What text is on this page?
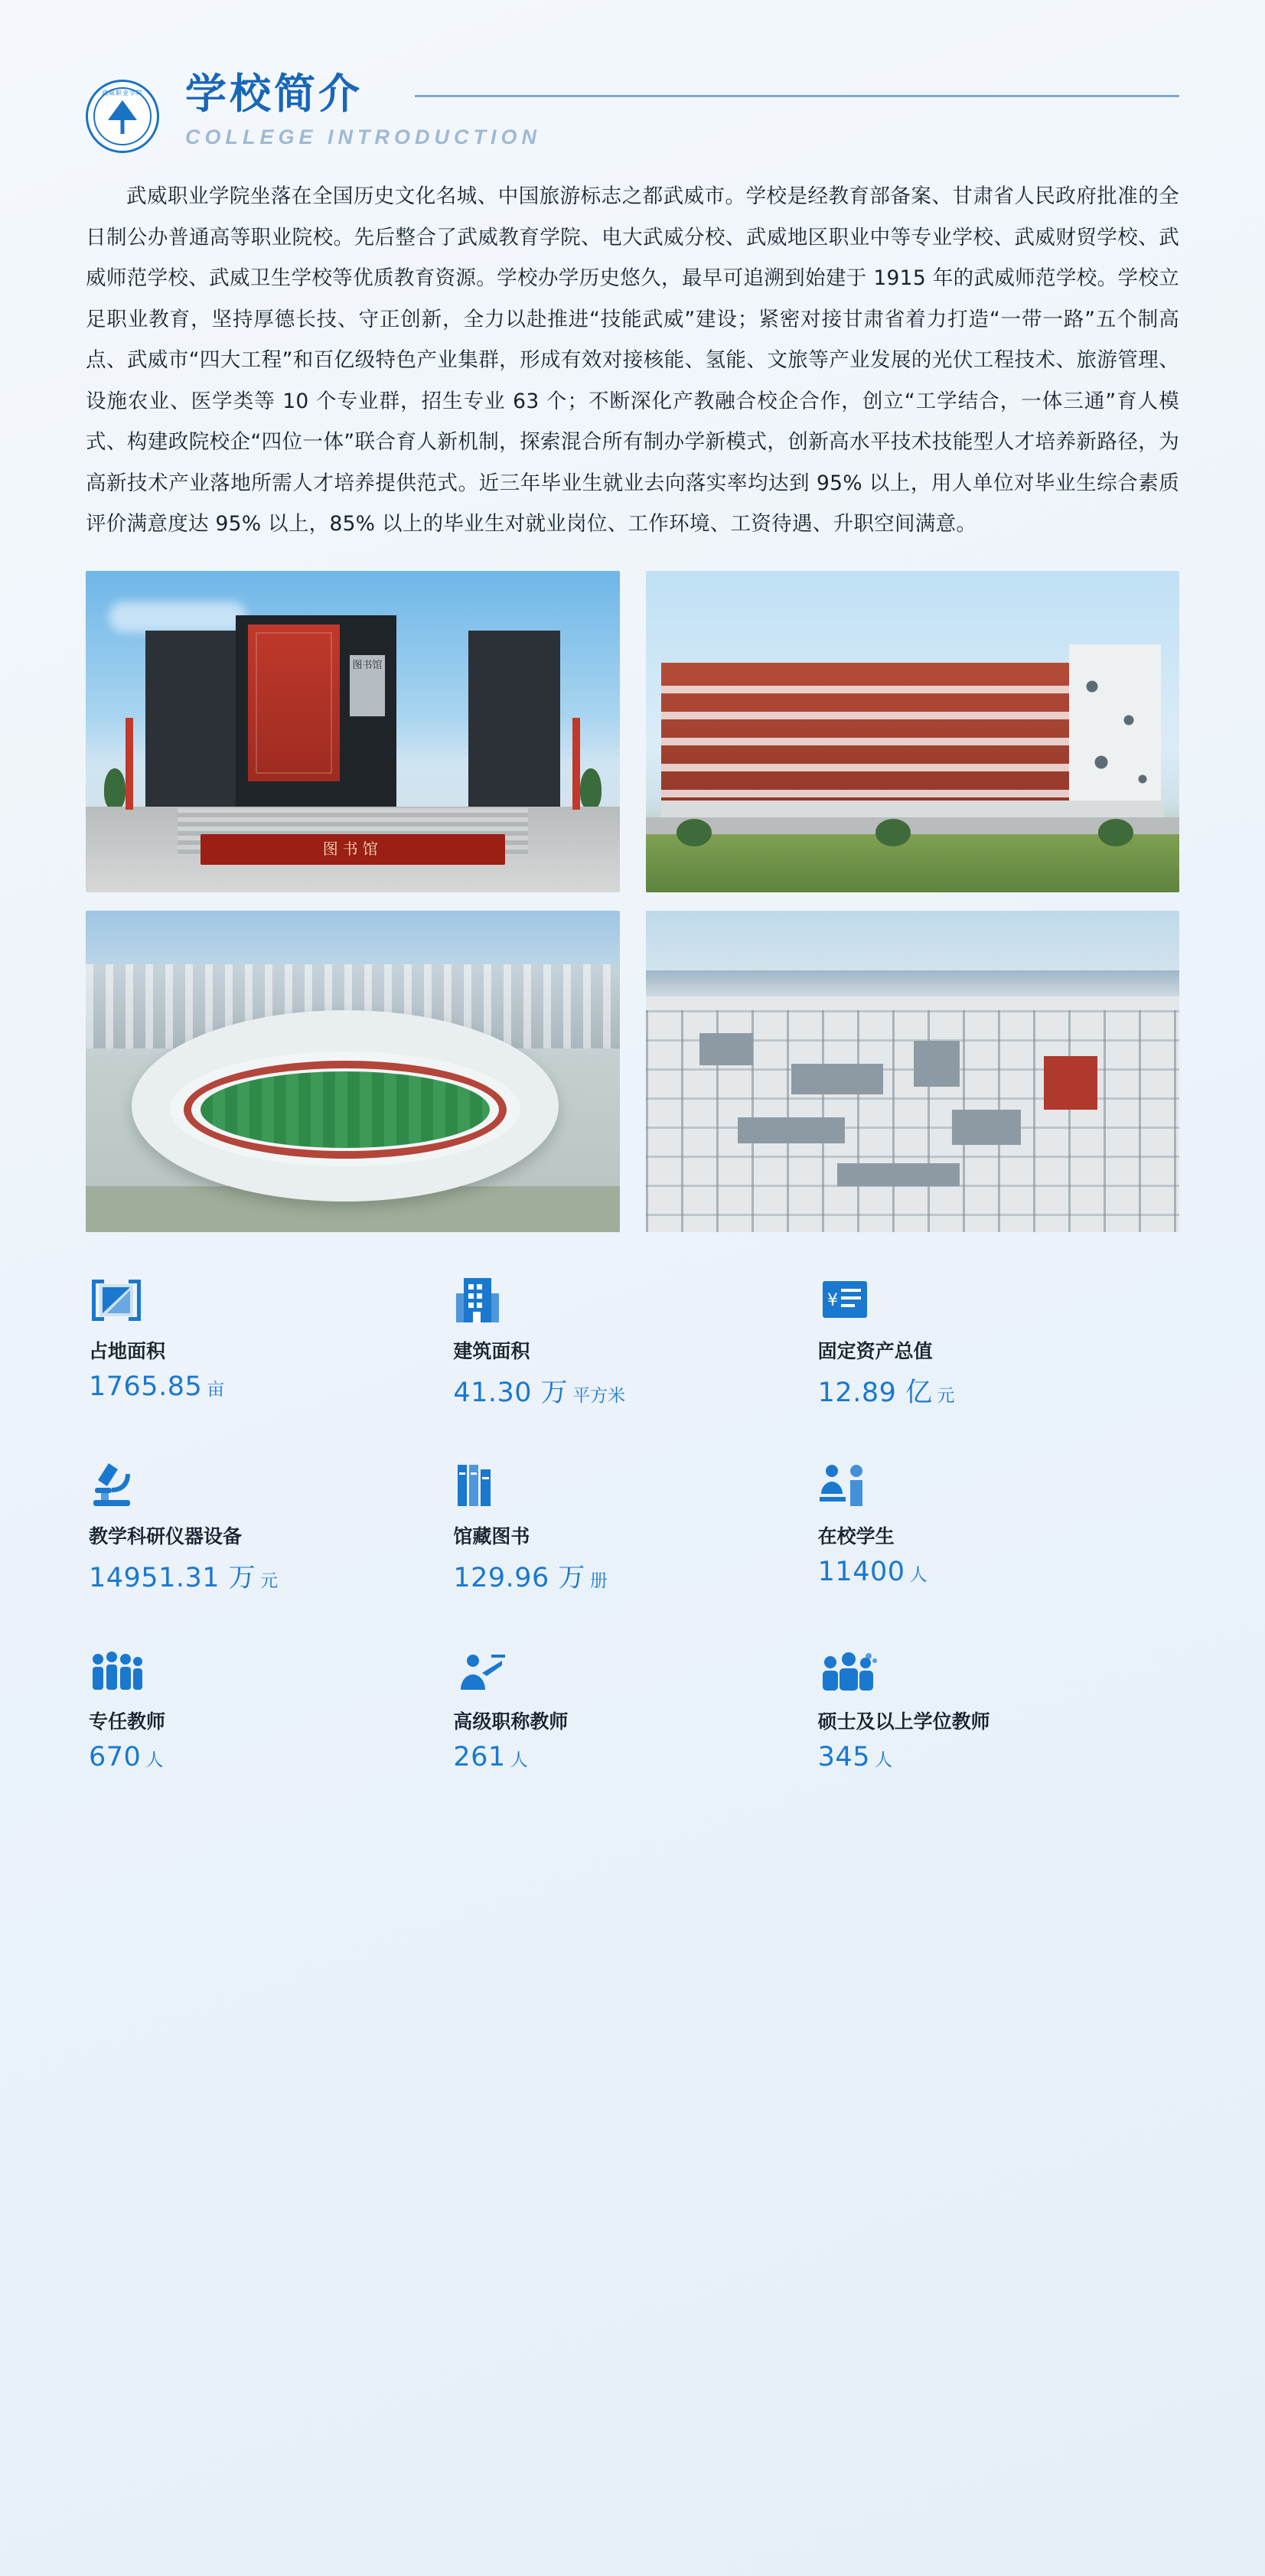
武威职业学院	学校简介
COLLEGE INTRODUCTION
武威职业学院坐落在全国历史文化名城、中国旅游标志之都武威市。学校是经教育部备案、甘肃省人民政府批准的全日制公办普通高等职业院校。先后整合了武威教育学院、电大武威分校、武威地区职业中等专业学校、武威财贸学校、武威师范学校、武威卫生学校等优质教育资源。学校办学历史悠久，最早可追溯到始建于 1915 年的武威师范学校。学校立足职业教育，坚持厚德长技、守正创新，全力以赴推进“技能武威”建设；紧密对接甘肃省着力打造“一带一路”五个制高点、武威市“四大工程”和百亿级特色产业集群，形成有效对接核能、氢能、文旅等产业发展的光伏工程技术、旅游管理、设施农业、医学类等 10 个专业群，招生专业 63 个；不断深化产教融合校企合作，创立“工学结合，一体三通”育人模式、构建政院校企“四位一体”联合育人新机制，探索混合所有制办学新模式，创新高水平技术技能型人才培养新路径，为高新技术产业落地所需人才培养提供范式。近三年毕业生就业去向落实率均达到 95% 以上，用人单位对毕业生综合素质评价满意度达 95% 以上，85% 以上的毕业生对就业岗位、工作环境、工资待遇、升职空间满意。
图书馆
图书馆
占地面积
1765.85 亩
建筑面积
41.30 万 平方米
¥
固定资产总值
12.89 亿 元
教学科研仪器设备
14951.31 万 元
馆藏图书
129.96 万 册
在校学生
11400 人
专任教师
670 人
高级职称教师
261 人
硕士及以上学位教师
345 人
